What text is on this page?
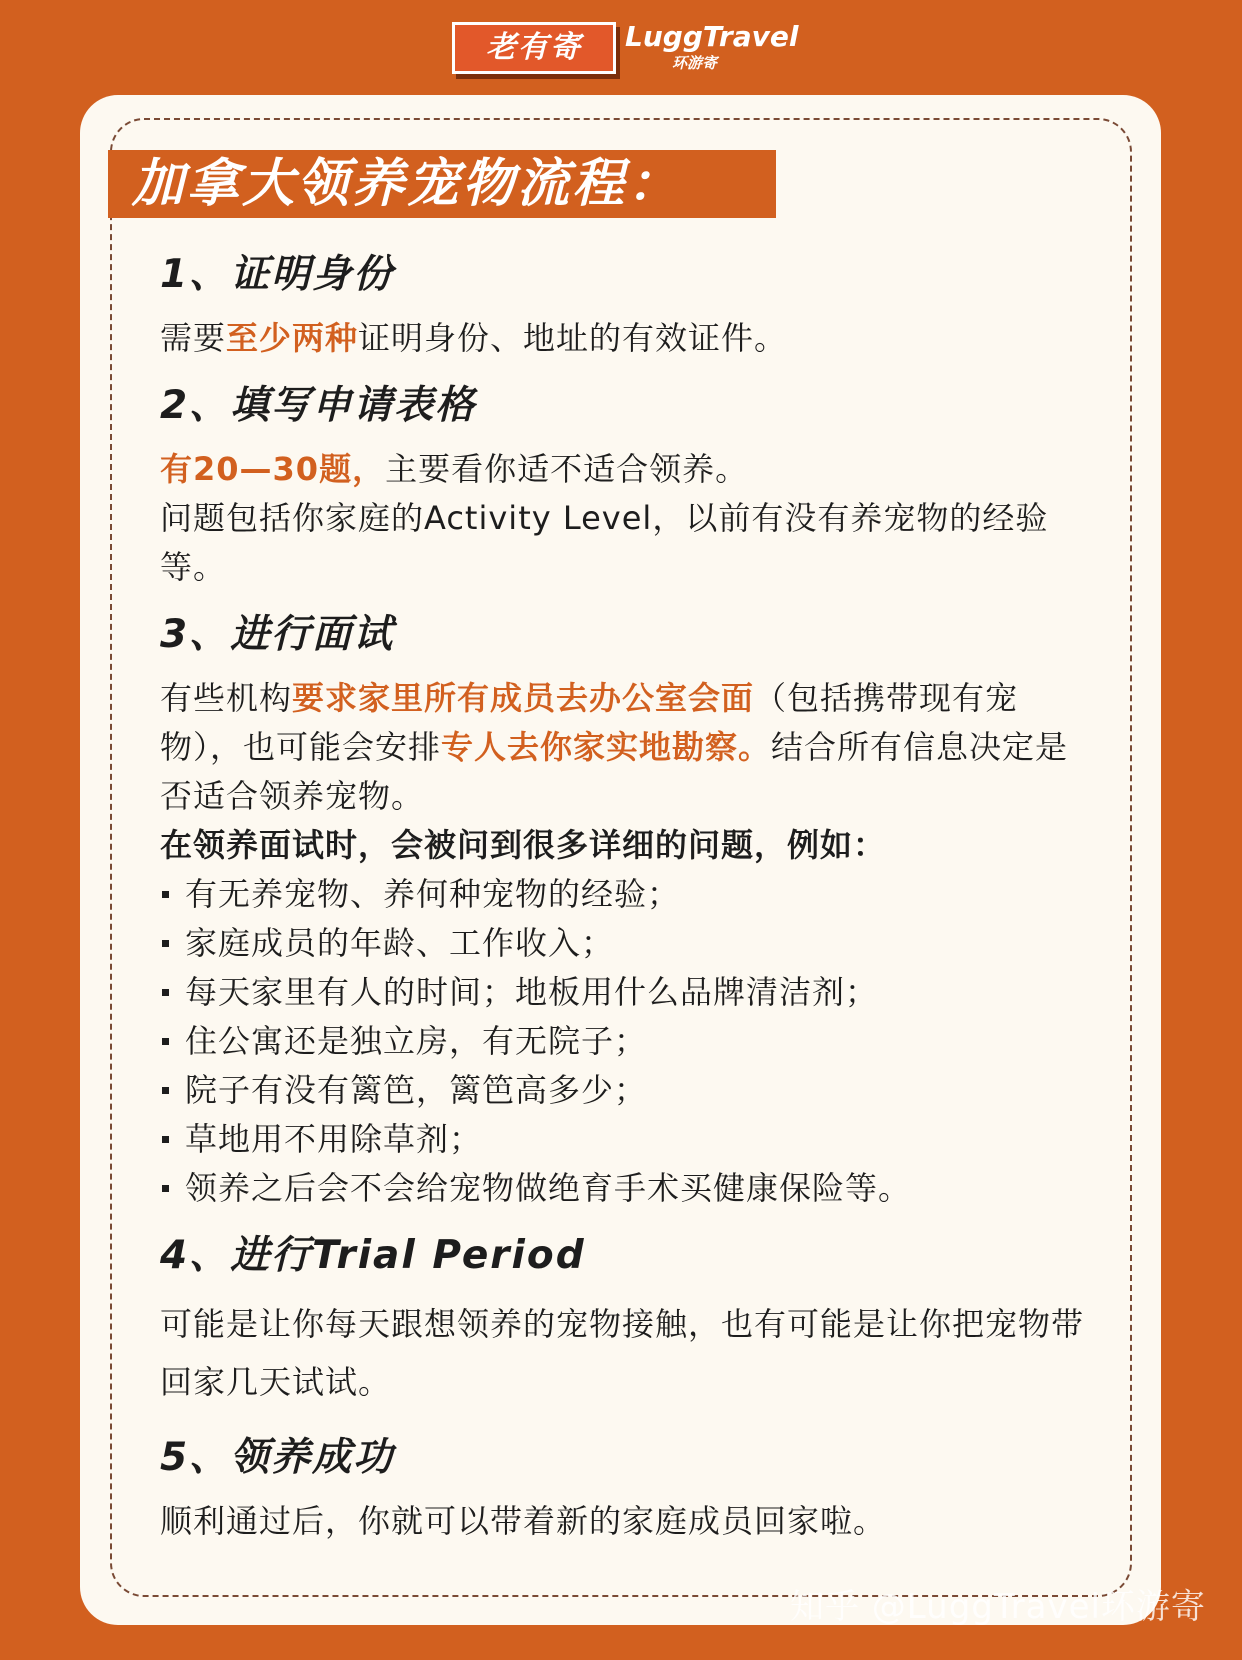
老有寄	LuggTravel
环游寄
加拿大领养宠物流程：
1、证明身份

需要至少两种证明身份、地址的有效证件。

2、填写申请表格

有20—30题，主要看你适不适合领养。

问题包括你家庭的Activity Level，以前有没有养宠物的经验等。

3、进行面试

有些机构要求家里所有成员去办公室会面（包括携带现有宠物），也可能会安排专人去你家实地勘察。结合所有信息决定是否适合领养宠物。

在领养面试时，会被问到很多详细的问题，例如：

有无养宠物、养何种宠物的经验；
家庭成员的年龄、工作收入；
每天家里有人的时间；地板用什么品牌清洁剂；
住公寓还是独立房，有无院子；
院子有没有篱笆，篱笆高多少；
草地用不用除草剂；
领养之后会不会给宠物做绝育手术买健康保险等。
4、进行Trial Period

可能是让你每天跟想领养的宠物接触，也有可能是让你把宠物带回家几天试试。

5、领养成功

顺利通过后，你就可以带着新的家庭成员回家啦。

知乎 @LuggTravel环游寄
